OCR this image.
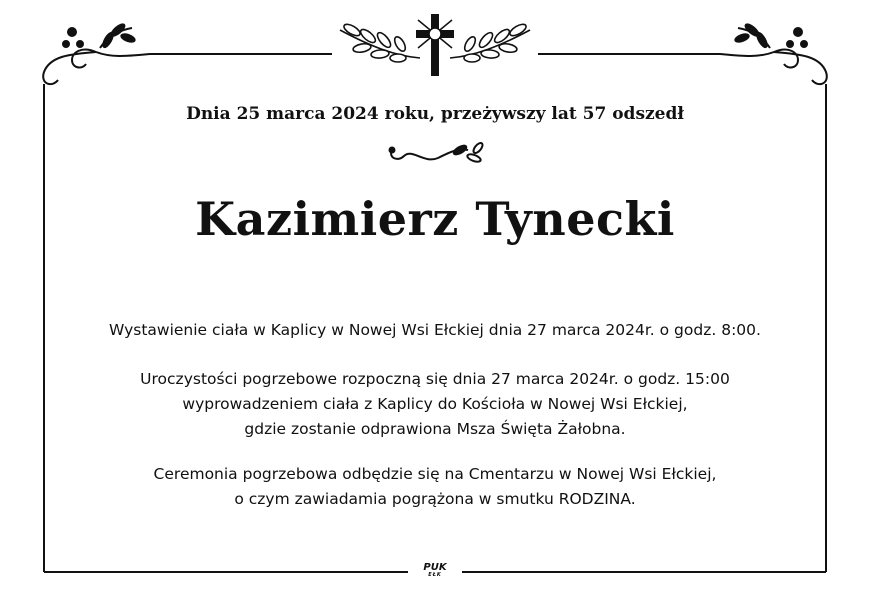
Dnia 25 marca 2024 roku, przeżywszy lat 57 odszedł

Kazimierz Tynecki
Wystawienie ciała w Kaplicy w Nowej Wsi Ełckiej dnia 27 marca 2024r. o godz. 8:00.
Uroczystości pogrzebowe rozpoczną się dnia 27 marca 2024r. o godz. 15:00
wyprowadzeniem ciała z Kaplicy do Kościoła w Nowej Wsi Ełckiej,
gdzie zostanie odprawiona Msza Święta Żałobna.
Ceremonia pogrzebowa odbędzie się na Cmentarzu w Nowej Wsi Ełckiej,
o czym zawiadamia pogrążona w smutku RODZINA.
PUK
EŁK
